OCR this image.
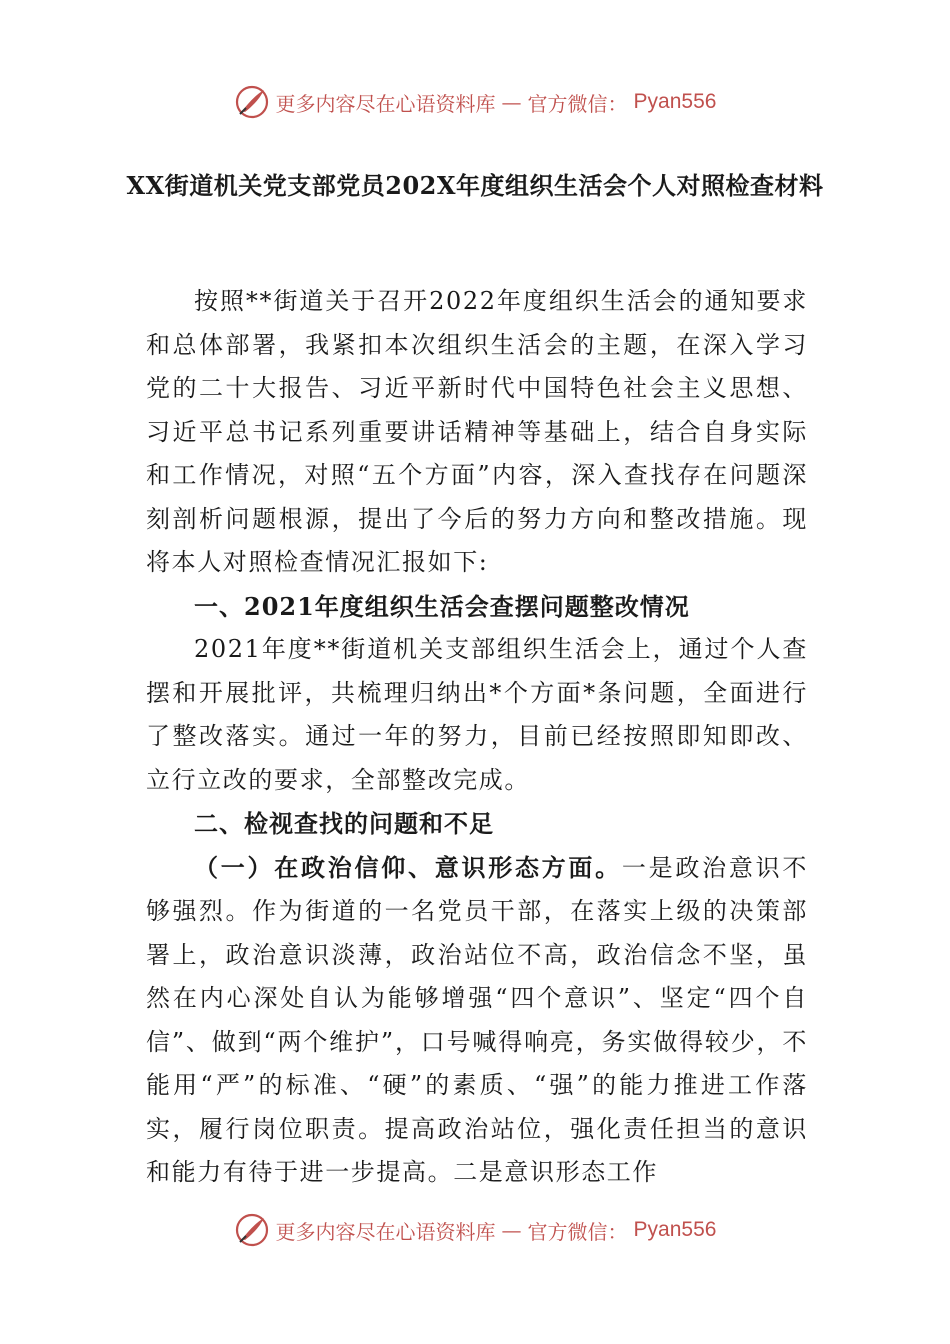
更多内容尽在心语资料库 — 官方微信： Pyan556
XX街道机关党支部党员202X年度组织生活会个人对照检查材料

按照**街道关于召开2022年度组织生活会的通知要求和总体部署，我紧扣本次组织生活会的主题，在深入学习党的二十大报告、习近平新时代中国特色社会主义思想、习近平总书记系列重要讲话精神等基础上，结合自身实际和工作情况，对照“五个方面”内容，深入查找存在问题深刻剖析问题根源，提出了今后的努力方向和整改措施。现将本人对照检查情况汇报如下:

一、2021年度组织生活会查摆问题整改情况

2021年度**街道机关支部组织生活会上，通过个人查摆和开展批评，共梳理归纳出*个方面*条问题，全面进行了整改落实。通过一年的努力，目前已经按照即知即改、立行立改的要求，全部整改完成。

二、检视查找的问题和不足

（一）在政治信仰、意识形态方面。一是政治意识不够强烈。作为街道的一名党员干部，在落实上级的决策部署上，政治意识淡薄，政治站位不高，政治信念不坚，虽然在内心深处自认为能够增强“四个意识”、坚定“四个自信”、做到“两个维护”，口号喊得响亮，务实做得较少，不能用“严”的标准、“硬”的素质、“强”的能力推进工作落实，履行岗位职责。提高政治站位，强化责任担当的意识和能力有待于进一步提高。二是意识形态工作

更多内容尽在心语资料库 — 官方微信： Pyan556
